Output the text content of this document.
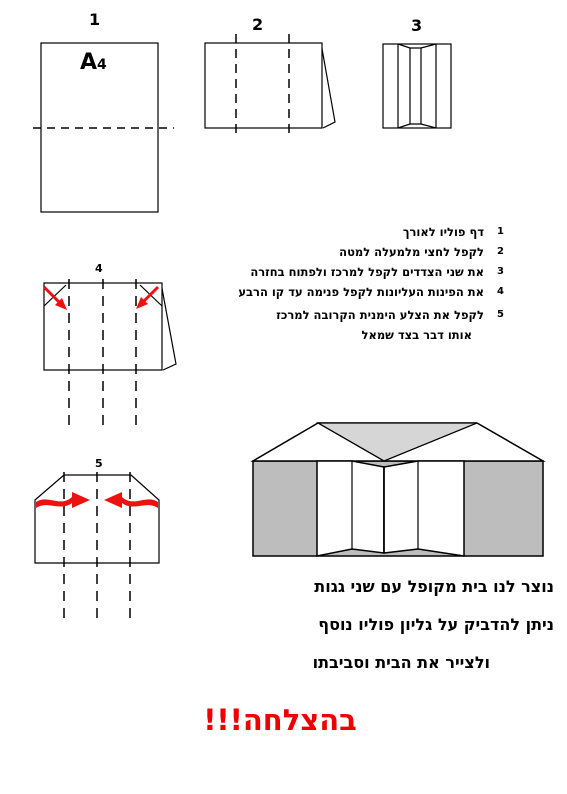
1	2	3
4
5
A4
1
דף פוליו לאורך
2
לקפל לחצי מלמעלה למטה
3
את שני הצדדים לקפל למרכז ולפתוח בחזרה
4
את הפינות העליונות לקפל פנימה עד קו הרבע
5
לקפל את הצלע הימנית הקרובה למרכז
אותו דבר בצד שמאל
נוצר לנו בית מקופל עם שני גגות
ניתן להדביק על גליון פוליו נוסף
ולצייר את הבית וסביבתו
בהצלחה!!!
